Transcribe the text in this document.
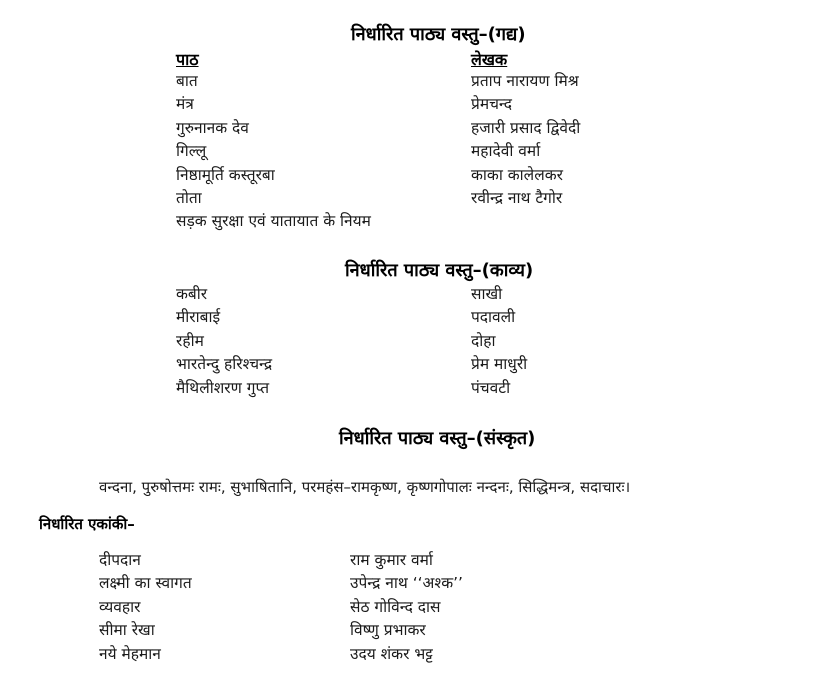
निर्धारित पाठ्य वस्तु–(गद्य)
पाठ	लेखक
बात
मंत्र
गुरुनानक देव
गिल्लू
निष्ठामूर्ति कस्तूरबा
तोता
सड़क सुरक्षा एवं यातायात के नियम
प्रताप नारायण मिश्र
प्रेमचन्द
हजारी प्रसाद द्विवेदी
महादेवी वर्मा
काका कालेलकर
रवीन्द्र नाथ टैगोर
निर्धारित पाठ्य वस्तु–(काव्य)
कबीर
मीराबाई
रहीम
भारतेन्दु हरिश्चन्द्र
मैथिलीशरण गुप्त
साखी
पदावली
दोहा
प्रेम माधुरी
पंचवटी
निर्धारित पाठ्य वस्तु–(संस्कृत)
वन्दना, पुरुषोत्तमः रामः, सुभाषितानि, परमहंस–रामकृष्ण, कृष्णगोपालः नन्दनः, सिद्धिमन्त्र, सदाचारः।
निर्धारित एकांकी–
दीपदान
लक्ष्मी का स्वागत
व्यवहार
सीमा रेखा
नये मेहमान
राम कुमार वर्मा
उपेन्द्र नाथ ‘‘अश्क’’
सेठ गोविन्द दास
विष्णु प्रभाकर
उदय शंकर भट्ट
